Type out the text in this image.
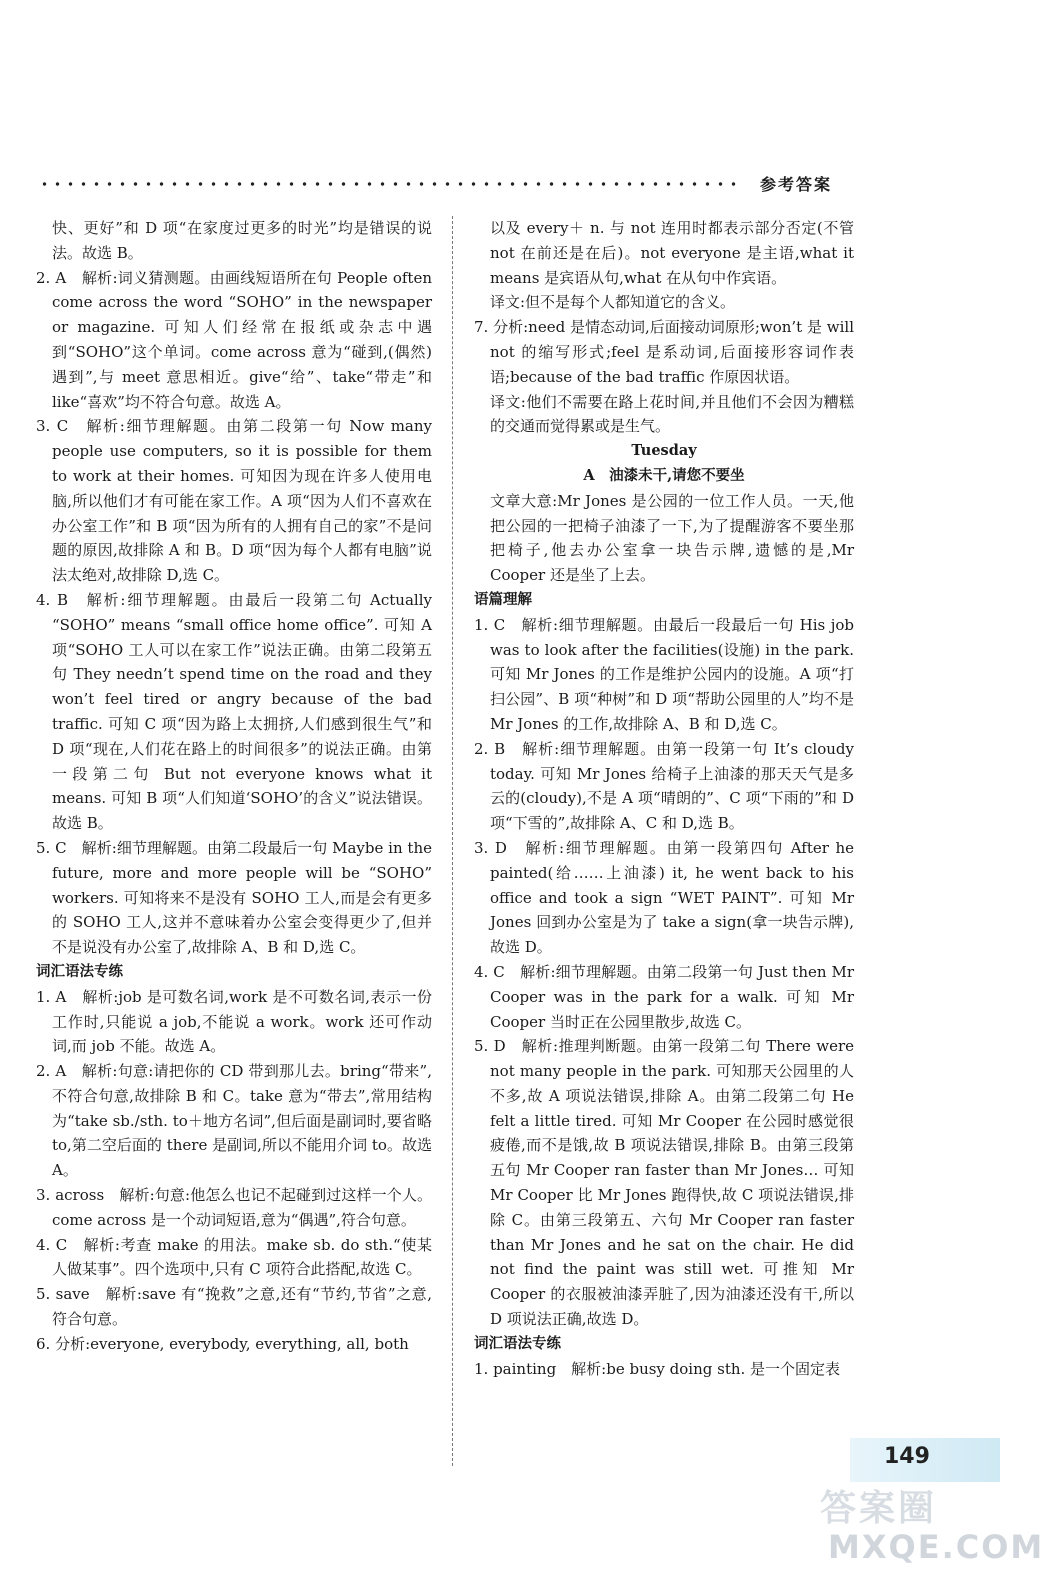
参考答案

快、更好”和 D 项“在家度过更多的时光”均是错误的说法。故选 B。

2. A　解析:词义猜测题。由画线短语所在句 People often come across the word “SOHO” in the newspaper or magazine. 可知人们经常在报纸或杂志中遇到“SOHO”这个单词。come across 意为“碰到,(偶然)遇到”,与 meet 意思相近。give“给”、take“带走”和 like“喜欢”均不符合句意。故选 A。

3. C　解析:细节理解题。由第二段第一句 Now many people use computers, so it is possible for them to work at their homes. 可知因为现在许多人使用电脑,所以他们才有可能在家工作。A 项“因为人们不喜欢在办公室工作”和 B 项“因为所有的人拥有自己的家”不是问题的原因,故排除 A 和 B。D 项“因为每个人都有电脑”说法太绝对,故排除 D,选 C。

4. B　解析:细节理解题。由最后一段第二句 Actually “SOHO” means “small office home office”. 可知 A 项“SOHO 工人可以在家工作”说法正确。由第二段第五句 They needn’t spend time on the road and they won’t feel tired or angry because of the bad traffic. 可知 C 项“因为路上太拥挤,人们感到很生气”和 D 项“现在,人们花在路上的时间很多”的说法正确。由第一段第二句 But not everyone knows what it means. 可知 B 项“人们知道‘SOHO’的含义”说法错误。故选 B。

5. C　解析:细节理解题。由第二段最后一句 Maybe in the future, more and more people will be “SOHO” workers. 可知将来不是没有 SOHO 工人,而是会有更多的 SOHO 工人,这并不意味着办公室会变得更少了,但并不是说没有办公室了,故排除 A、B 和 D,选 C。

词汇语法专练

1. A　解析:job 是可数名词,work 是不可数名词,表示一份工作时,只能说 a job,不能说 a work。work 还可作动词,而 job 不能。故选 A。

2. A　解析:句意:请把你的 CD 带到那儿去。bring“带来”,不符合句意,故排除 B 和 C。take 意为“带去”,常用结构为“take sb./sth. to＋地方名词”,但后面是副词时,要省略 to,第二空后面的 there 是副词,所以不能用介词 to。故选 A。

3. across　解析:句意:他怎么也记不起碰到过这样一个人。come across 是一个动词短语,意为“偶遇”,符合句意。

4. C　解析:考查 make 的用法。make sb. do sth.“使某人做某事”。四个选项中,只有 C 项符合此搭配,故选 C。

5. save　解析:save 有“挽救”之意,还有“节约,节省”之意,符合句意。

6. 分析:everyone, everybody, everything, all, both

以及 every＋ n. 与 not 连用时都表示部分否定(不管 not 在前还是在后)。not everyone 是主语,what it means 是宾语从句,what 在从句中作宾语。

译文:但不是每个人都知道它的含义。

7. 分析:need 是情态动词,后面接动词原形;won’t 是 will not 的缩写形式;feel 是系动词,后面接形容词作表语;because of the bad traffic 作原因状语。

译文:他们不需要在路上花时间,并且他们不会因为糟糕的交通而觉得累或是生气。

Tuesday

A　油漆未干,请您不要坐

文章大意:Mr Jones 是公园的一位工作人员。一天,他把公园的一把椅子油漆了一下,为了提醒游客不要坐那把椅子,他去办公室拿一块告示牌,遗憾的是,Mr Cooper 还是坐了上去。

语篇理解

1. C　解析:细节理解题。由最后一段最后一句 His job was to look after the facilities(设施) in the park. 可知 Mr Jones 的工作是维护公园内的设施。A 项“打扫公园”、B 项“种树”和 D 项“帮助公园里的人”均不是 Mr Jones 的工作,故排除 A、B 和 D,选 C。

2. B　解析:细节理解题。由第一段第一句 It’s cloudy today. 可知 Mr Jones 给椅子上油漆的那天天气是多云的(cloudy),不是 A 项“晴朗的”、C 项“下雨的”和 D 项“下雪的”,故排除 A、C 和 D,选 B。

3. D　解析:细节理解题。由第一段第四句 After he painted(给……上油漆) it, he went back to his office and took a sign “WET PAINT”. 可知 Mr Jones 回到办公室是为了 take a sign(拿一块告示牌),故选 D。

4. C　解析:细节理解题。由第二段第一句 Just then Mr Cooper was in the park for a walk. 可知 Mr Cooper 当时正在公园里散步,故选 C。

5. D　解析:推理判断题。由第一段第二句 There were not many people in the park. 可知那天公园里的人不多,故 A 项说法错误,排除 A。由第二段第二句 He felt a little tired. 可知 Mr Cooper 在公园时感觉很疲倦,而不是饿,故 B 项说法错误,排除 B。由第三段第五句 Mr Cooper ran faster than Mr Jones… 可知 Mr Cooper 比 Mr Jones 跑得快,故 C 项说法错误,排除 C。由第三段第五、六句 Mr Cooper ran faster than Mr Jones and he sat on the chair. He did not find the paint was still wet. 可推知 Mr Cooper 的衣服被油漆弄脏了,因为油漆还没有干,所以 D 项说法正确,故选 D。

词汇语法专练

1. painting　解析:be busy doing sth. 是一个固定表

149
答案圈
MXQE.COM
